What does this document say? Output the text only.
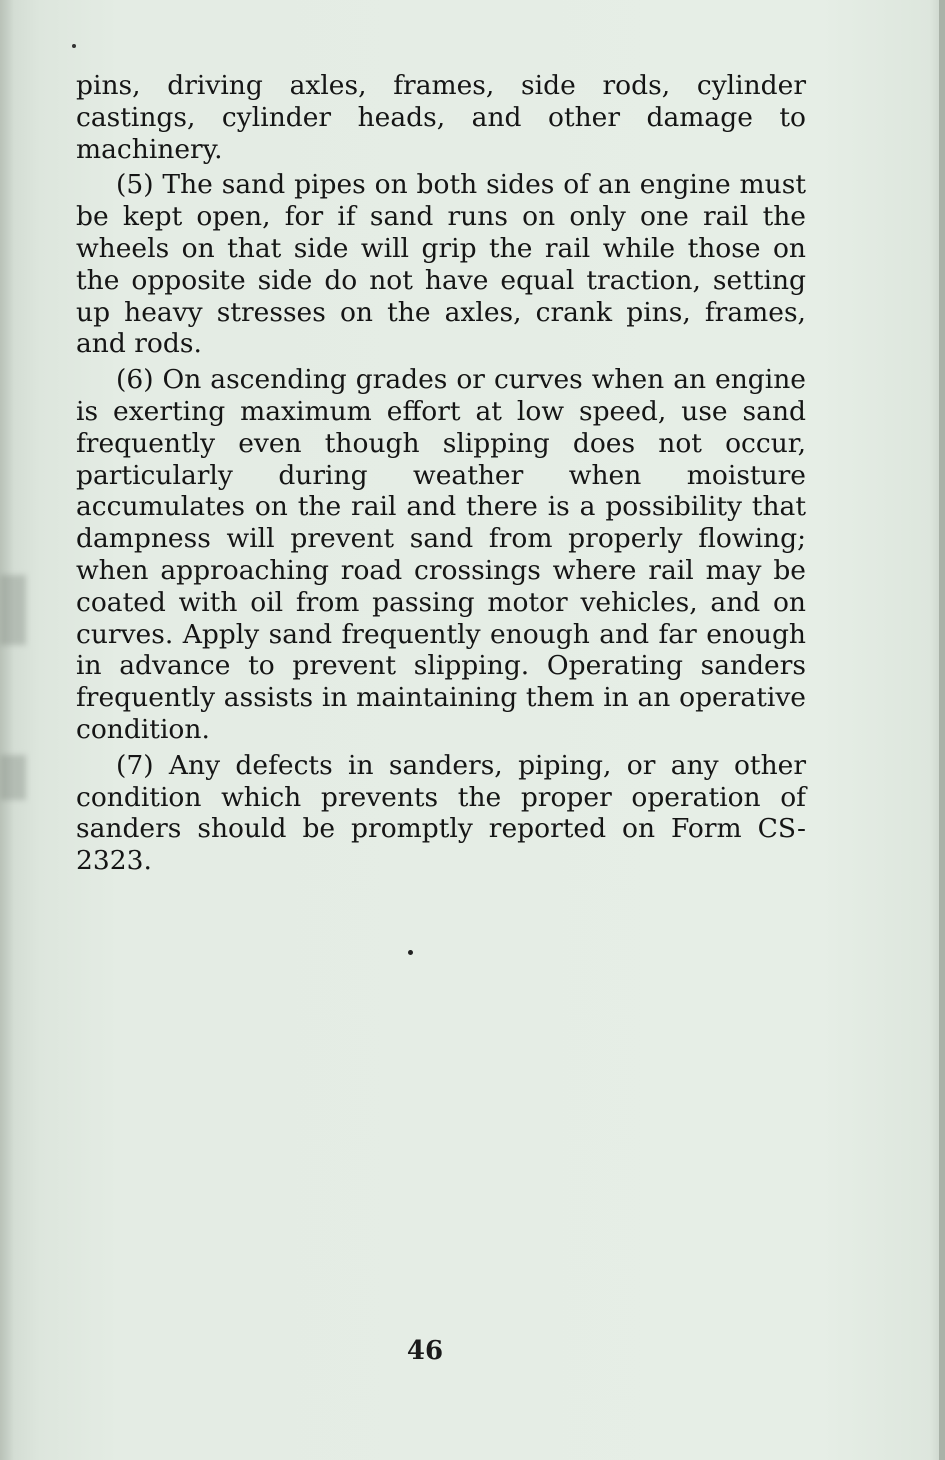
pins, driving axles, frames, side rods, cylinder castings, cylinder heads, and other damage to machinery.

(5) The sand pipes on both sides of an engine must be kept open, for if sand runs on only one rail the wheels on that side will grip the rail while those on the opposite side do not have equal traction, setting up heavy stresses on the axles, crank pins, frames, and rods.

(6) On ascending grades or curves when an engine is exerting maximum effort at low speed, use sand frequently even though slipping does not occur, particularly during weather when moisture accumulates on the rail and there is a possibility that dampness will prevent sand from properly flowing; when approaching road crossings where rail may be coated with oil from passing motor vehicles, and on curves. Apply sand frequently enough and far enough in advance to prevent slipping. Operating sanders frequently assists in maintaining them in an operative condition.

(7) Any defects in sanders, piping, or any other condition which prevents the proper operation of sanders should be promptly reported on Form CS-2323.

46
